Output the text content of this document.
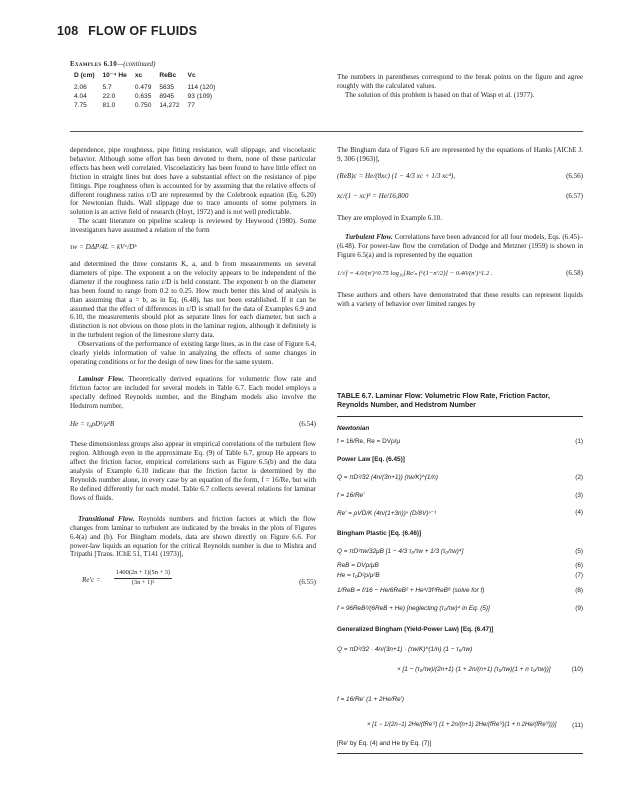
108 FLOW OF FLUIDS
Examples 6.10—(continued)
D (cm)	10⁻⁴ He	xc	ReBc	Vc
2.06	5.7	0.479	5635	114 (120)
4.04	22.0	0.635	8945	93 (109)
7.75	81.0	0.750	14,272	77

The numbers in parentheses correspond to the break points on the figure and agree roughly with the calculated values.

The solution of this problem is based on that of Wasp et al. (1977).

dependence, pipe roughness, pipe fitting resistance, wall slippage, and viscoelastic behavior. Although some effort has been devoted to them, none of these particular effects has been well correlated. Viscoelasticity has been found to have little effect on friction in straight lines but does have a substantial effect on the resistance of pipe fittings. Pipe roughness often is accounted for by assuming that the relative effects of different roughness ratios ε/D are represented by the Colebrook equation (Eq. 6.20) for Newtonian fluids. Wall slippage due to trace amounts of some polymers in solution is an active field of research (Hoyt, 1972) and is not well predictable.

The scant literature on pipeline scaleup is reviewed by Heywood (1980). Some investigators have assumed a relation of the form

τw = DΔP/4L = kVᵃ/Dᵇ

and determined the three constants K, a, and b from measurements on several diameters of pipe. The exponent a on the velocity appears to be independent of the diameter if the roughness ratio ε/D is held constant. The exponent b on the diameter has been found to range from 0.2 to 0.25. How much better this kind of analysis is than assuming that a = b, as in Eq. (6.48), has not been established. If it can be assumed that the effect of differences in ε/D is small for the data of Examples 6.9 and 6.10, the measurements should plot as separate lines for each diameter, but such a distinction is not obvious on those plots in the laminar region, although it definitely is in the turbulent region of the limestone slurry data.

Observations of the performance of existing large lines, as in the case of Figure 6.4, clearly yields information of value in analyzing the effects of some changes in operating conditions or for the design of new lines for the same system.

Laminar Flow. Theoretically derived equations for volumetric flow rate and friction factor are included for several models in Table 6.7. Each model employs a specially defined Reynolds number, and the Bingham models also involve the Hedstrom number,

He = τ₀ρD²/μ²B	(6.54)

These dimensionless groups also appear in empirical correlations of the turbulent flow region. Although even in the approximate Eq. (9) of Table 6.7, group He appears to affect the friction factor, empirical correlations such as Figure 6.5(b) and the data analysis of Example 6.10 indicate that the friction factor is determined by the Reynolds number alone, in every case by an equation of the form, f = 16/Re, but with Re defined differently for each model. Table 6.7 collects several relations for laminar flows of fluids.

Transitional Flow. Reynolds numbers and friction factors at which the flow changes from laminar to turbulent are indicated by the breaks in the plots of Figures 6.4(a) and (b). For Bingham models, data are shown directly on Figure 6.6. For power-law liquids an equation for the critical Reynolds number is due to Mishra and Tripathi [Trans. IChE 51, T141 (1973)],

$Re'c = \frac{1400(2n + 1)(5n + 3)}{\text{(3n + 1)²}}$	(6.55)

The Bingham data of Figure 6.6 are represented by the equations of Hanks [AIChE J. 9, 306 (1963)],

(ReB)c = He/(8xc) (1 − 4/3 xc + 1/3 xc⁴),	(6.56)
xc/(1 − xc)³ = He/16,800	(6.57)

They are employed in Example 6.10.

Turbulent Flow. Correlations have been advanced for all four models, Eqs. (6.45)–(6.48). For power-law flow the correlation of Dodge and Metzner (1959) is shown in Figure 6.5(a) and is represented by the equation

1/√f = 4.0/(n′)^0.75 log₁₀[Re′ₙ f^(1−n′/2)] − 0.40/(n′)^1.2 .	(6.58)

These authors and others have demonstrated that these results can represent liquids with a variety of behavior over limited ranges by

TABLE 6.7. Laminar Flow: Volumetric Flow Rate, Friction Factor, Reynolds Number, and Hedstrom Number
Newtonian
f = 16/Re, Re = DVρ/μ	(1)
Power Law [Eq. (6.45)]
Q = πD³/32 (4n/(3n+1)) (τw/K)^(1/n)	(2)
f = 16/Re′	(3)
Re′ = ρVD/K (4n/(1+3n))ⁿ (D/8V)ⁿ⁻¹	(4)
Bingham Plastic [Eq. (6.46)]
Q = πD³τw/32μB [1 − 4/3 τ₀/τw + 1/3 (τ₀/τw)⁴]	(5)
ReB = DVρ/μB	(6)
He = τ₀D²ρ/μ²B	(7)
1/ReB = f/16 − He/6ReB² + He⁴/3f³ReB⁸ (solve for f)	(8)
f ≈ 96ReB²/(6ReB + He) [neglecting (τ₀/τw)⁴ in Eq. (5)]	(9)
Generalized Bingham (Yield-Power Law) [Eq. (6.47)]
Q = πD³/32 · 4n/(3n+1) · (τw/K)^(1/n) (1 − τ₀/τw)
× [1 − (τ₀/τw)/(2n+1) (1 + 2n/(n+1) (τ₀/τw)(1 + n τ₀/τw))]	(10)
f = 16/Re′ (1 + 2He/Re′)
× [1 − 1/(2n−1) 2He/(fRe′²) (1 + 2n/(n+1) 2He/(fRe′²)(1 + n 2He/(fRe′²)))] (11)
[Re′ by Eq. (4) and He by Eq. (7)]
